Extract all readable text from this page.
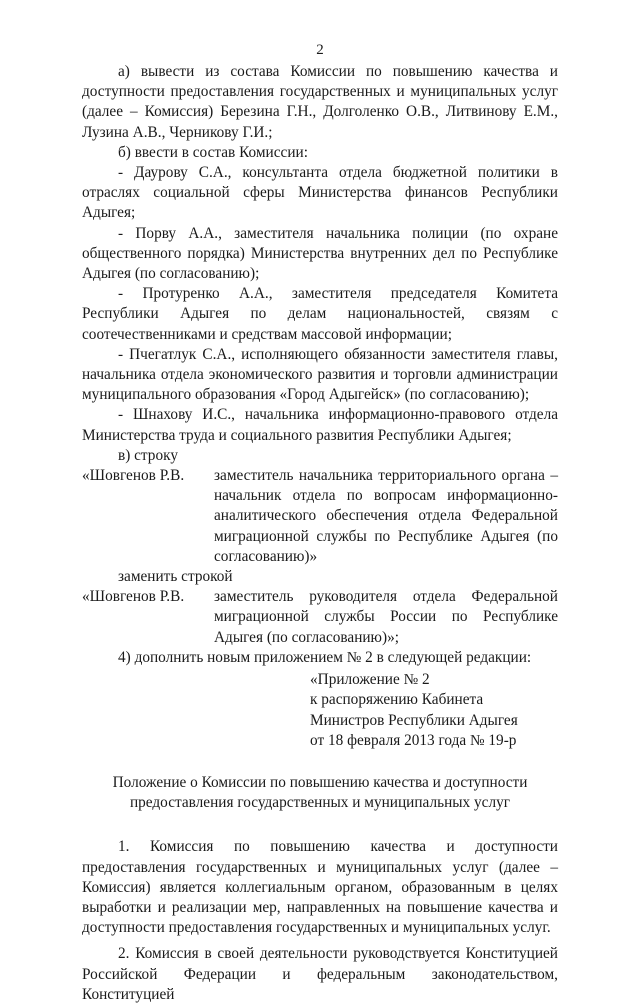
2

а) вывести из состава Комиссии по повышению качества и доступности предоставления государственных и муниципальных услуг (далее – Комиссия) Березина Г.Н., Долголенко О.В., Литвинову Е.М., Лузина А.В., Черникову Г.И.;

б) ввести в состав Комиссии:

- Даурову С.А., консультанта отдела бюджетной политики в отраслях социальной сферы Министерства финансов Республики Адыгея;

- Порву А.А., заместителя начальника полиции (по охране общественного порядка) Министерства внутренних дел по Республике Адыгея (по согласованию);

- Протуренко А.А., заместителя председателя Комитета Республики Адыгея по делам национальностей, связям с соотечественниками и средствам массовой информации;

- Пчегатлук С.А., исполняющего обязанности заместителя главы, начальника отдела экономического развития и торговли администрации муниципального образования «Город Адыгейск» (по согласованию);

- Шнахову И.С., начальника информационно-правового отдела Министерства труда и социального развития Республики Адыгея;

в) строку

«Шовгенов Р.В.	заместитель начальника территориального органа – начальник отдела по вопросам информационно-аналитического обеспечения отдела Федеральной миграционной службы по Республике Адыгея (по согласованию)»

заменить строкой

«Шовгенов Р.В.	заместитель руководителя отдела Федеральной миграционной службы России по Республике Адыгея (по согласованию)»;

4) дополнить новым приложением № 2 в следующей редакции:

«Приложение № 2
к распоряжению Кабинета
Министров Республики Адыгея
от 18 февраля 2013 года № 19-р

Положение о Комиссии по повышению качества и доступности предоставления государственных и муниципальных услуг

1. Комиссия по повышению качества и доступности предоставления государственных и муниципальных услуг (далее – Комиссия) является коллегиальным органом, образованным в целях выработки и реализации мер, направленных на повышение качества и доступности предоставления государственных и муниципальных услуг.

2. Комиссия в своей деятельности руководствуется Конституцией Российской Федерации и федеральным законодательством, Конституцией
